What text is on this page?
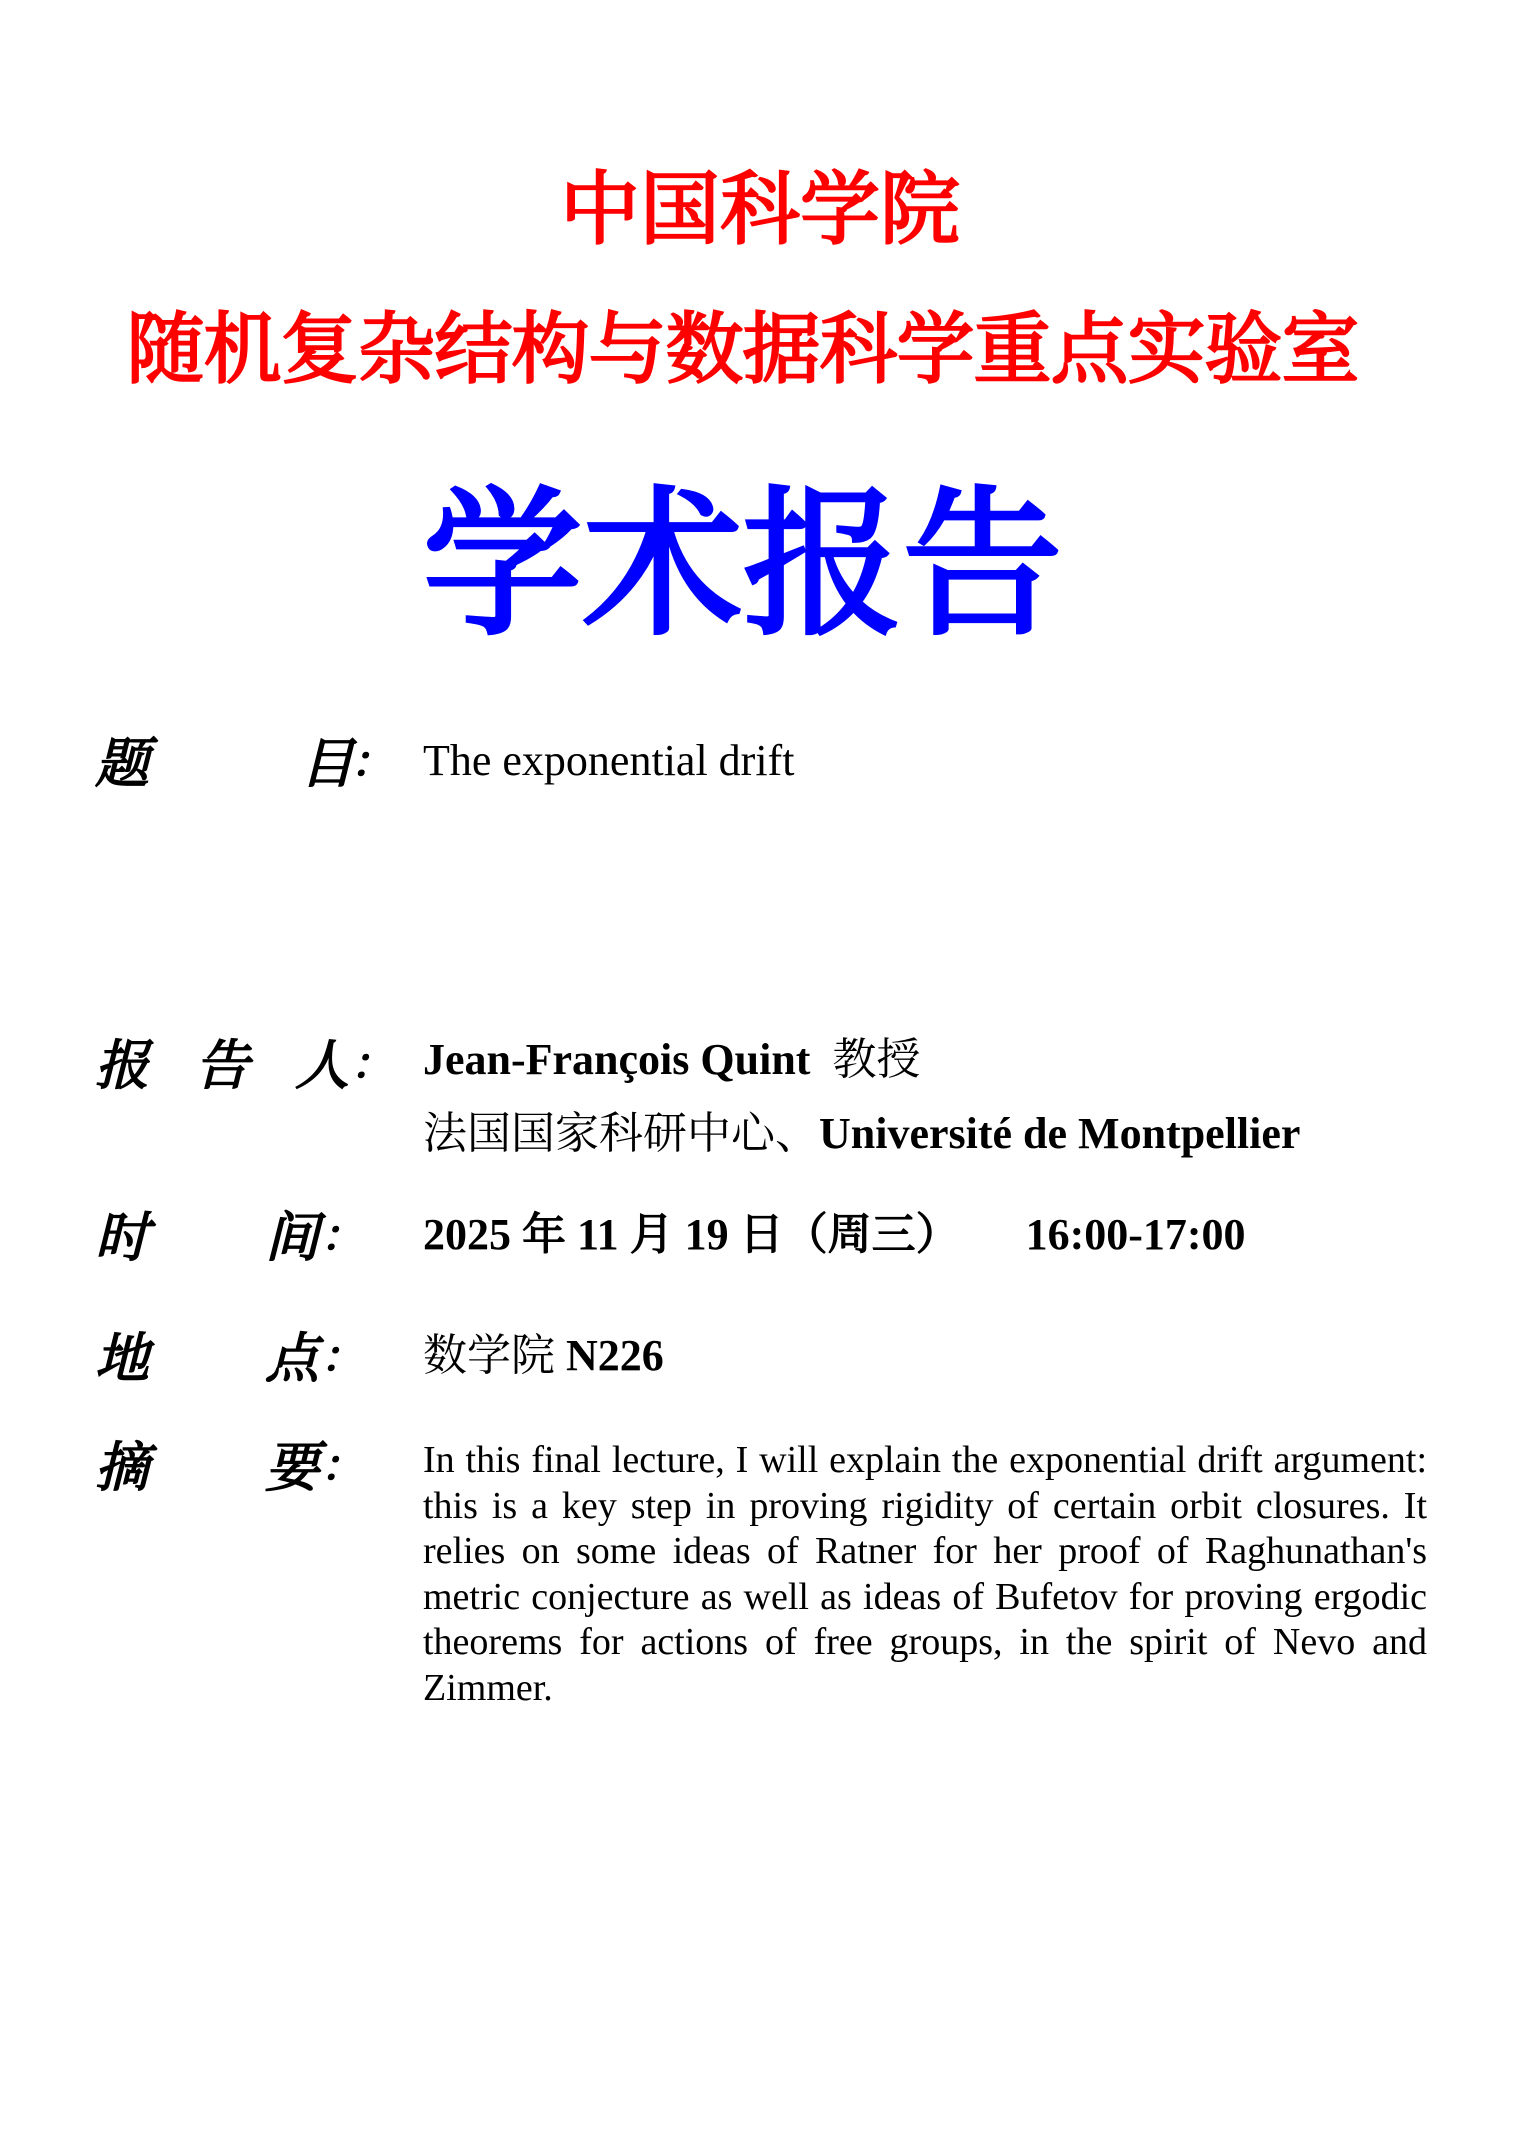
中国科学院
随机复杂结构与数据科学重点实验室
学术报告
题	目
： The exponential drift
报 告 人 ： Jean-François Quint 教授
法国国家科研中心、Université de Montpellier
时 间 ： 2025 年 11 月 19 日（周三） 16:00-17:00
地 点 ： 数学院 N226
摘 要 ： In this final lecture, I will explain the exponential drift argument: this is a key step in proving rigidity of certain orbit closures. It relies on some ideas of Ratner for her proof of Raghunathan's metric conjecture as well as ideas of Bufetov for proving ergodic theorems for actions of free groups, in the spirit of Nevo and Zimmer.
